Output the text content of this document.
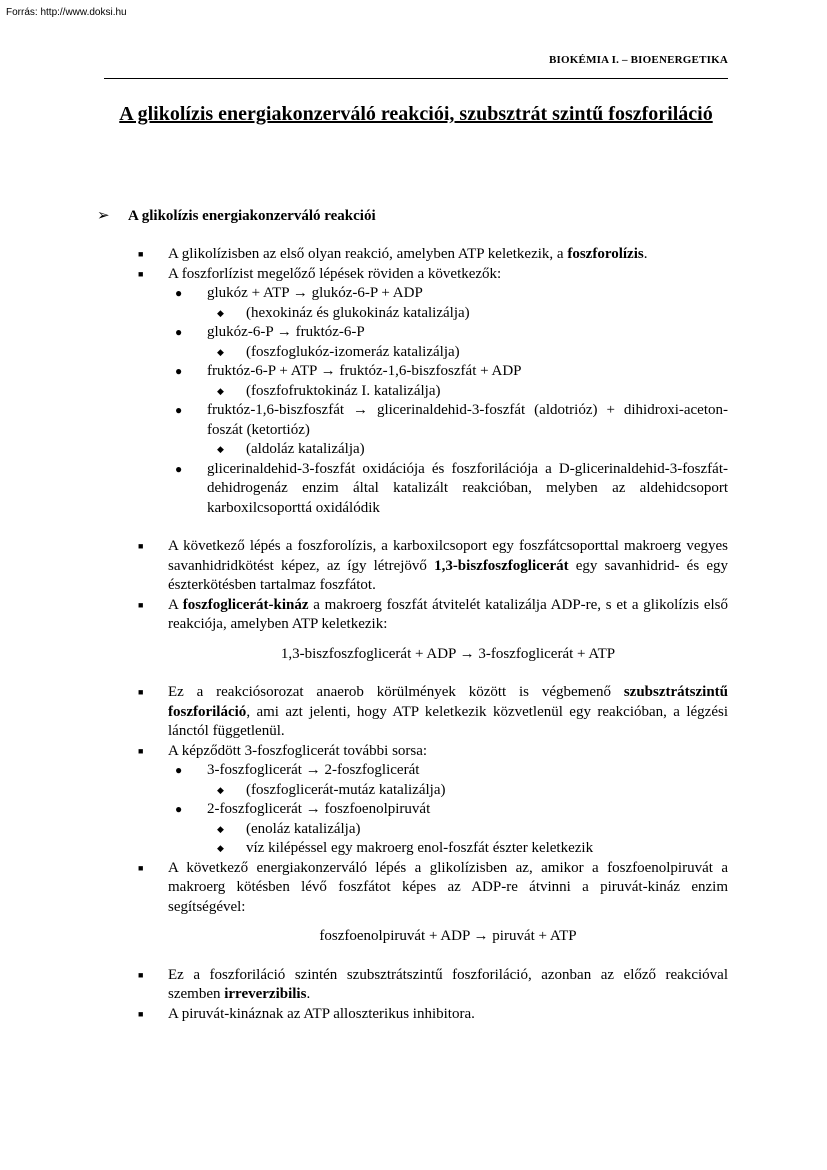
Forrás: http://www.doksi.hu
BIOKÉMIA I. – BIOENERGETIKA
A glikolízis energiakonzerváló reakciói, szubsztrát szintű foszforiláció
➢ A glikolízis energiakonzerváló reakciói
■	A glikolízisben az első olyan reakció, amelyben ATP keletkezik, a foszforolízis.
■	A foszforlízist megelőző lépések röviden a következők:
● glukóz + ATP → glukóz-6-P + ADP
◆ (hexokináz és glukokináz katalizálja)
● glukóz-6-P → fruktóz-6-P
◆ (foszfoglukóz-izomeráz katalizálja)
● fruktóz-6-P + ATP → fruktóz-1,6-biszfoszfát + ADP
◆ (foszfofruktokináz I. katalizálja)
● fruktóz-1,6-biszfoszfát → glicerinaldehid-3-foszfát (aldotrióz) + dihidroxi-aceton-foszát (ketortióz)
◆ (aldoláz katalizálja)
● glicerinaldehid-3-foszfát oxidációja és foszforilációja a D-glicerinaldehid-3-foszfát-dehidrogenáz enzim által katalizált reakcióban, melyben az aldehidcsoport karboxilcsoporttá oxidálódik
■	A következő lépés a foszforolízis, a karboxilcsoport egy foszfátcsoporttal makroerg vegyes savanhidridkötést képez, az így létrejövő 1,3-biszfoszfoglicerát egy savanhidrid- és egy észterkötésben tartalmaz foszfátot.
■	A foszfoglicerát-kináz a makroerg foszfát átvitelét katalizálja ADP-re, s et a glikolízis első reakciója, amelyben ATP keletkezik:
1,3-biszfoszfoglicerát + ADP → 3-foszfoglicerát + ATP
■	Ez a reakciósorozat anaerob körülmények között is végbemenő szubsztrátszintű foszforiláció, ami azt jelenti, hogy ATP keletkezik közvetlenül egy reakcióban, a légzési lánctól függetlenül.
■	A képződött 3-foszfoglicerát további sorsa:
● 3-foszfoglicerát → 2-foszfoglicerát
◆ (foszfoglicerát-mutáz katalizálja)
● 2-foszfoglicerát → foszfoenolpiruvát
◆ (enoláz katalizálja)
◆ víz kilépéssel egy makroerg enol-foszfát észter keletkezik
■	A következő energiakonzerváló lépés a glikolízisben az, amikor a foszfoenolpiruvát a makroerg kötésben lévő foszfátot képes az ADP-re átvinni a piruvát-kináz enzim segítségével:
foszfoenolpiruvát + ADP → piruvát + ATP
■	Ez a foszforiláció szintén szubsztrátszintű foszforiláció, azonban az előző reakcióval szemben irreverzibilis.
■	A piruvát-kináznak az ATP alloszterikus inhibitora.
